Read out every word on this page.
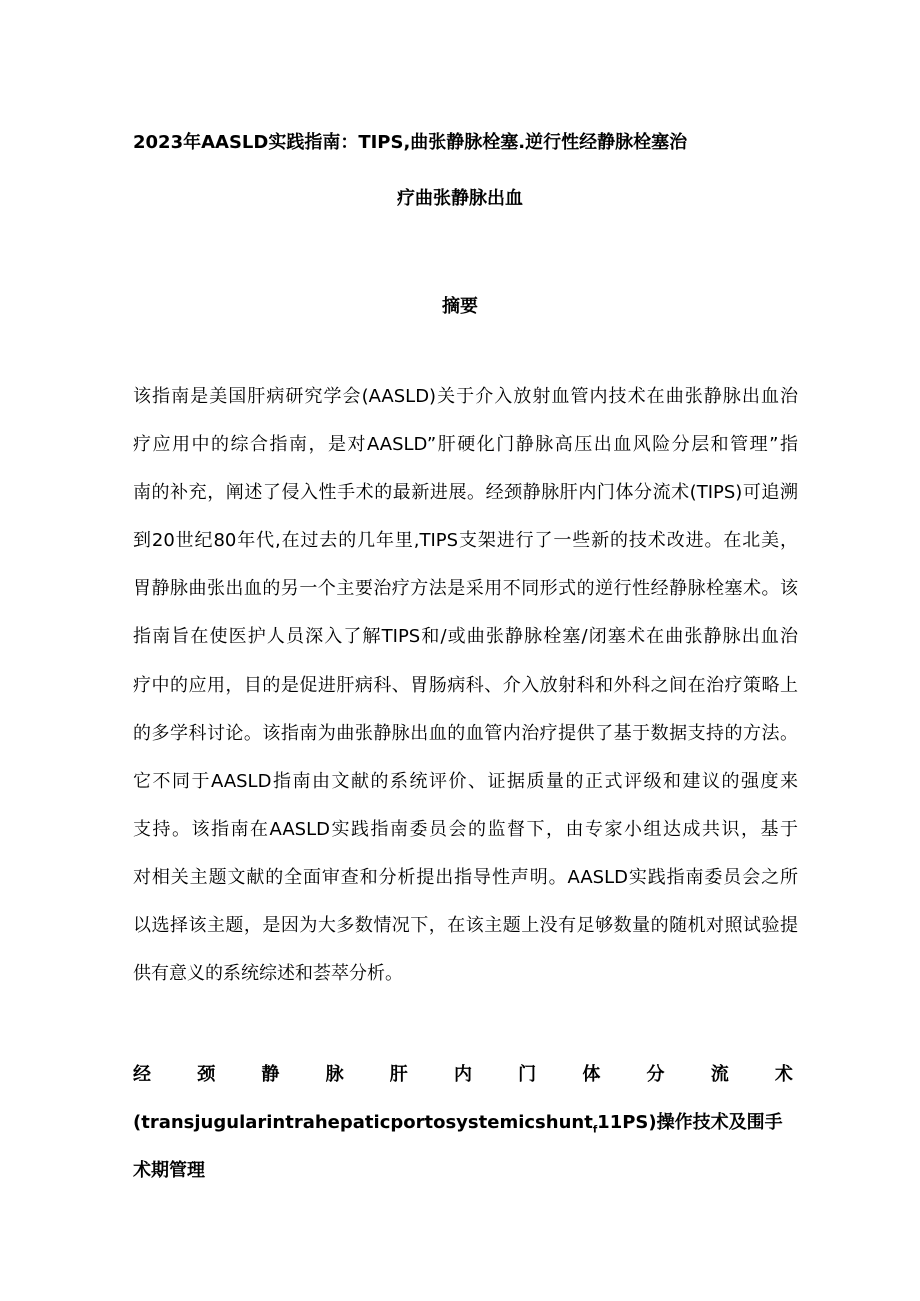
2023年AASLD实践指南：TIPS,曲张静脉栓塞.逆行性经静脉栓塞治
疗曲张静脉出血
摘要
该指南是美国肝病研究学会(AASLD)关于介入放射血管内技术在曲张静脉出血治
疗应用中的综合指南，是对AASLD”肝硬化门静脉高压出血风险分层和管理”指
南的补充，阐述了侵入性手术的最新进展。经颈静脉肝内门体分流术(TIPS)可追溯
到20世纪80年代,在过去的几年里,TIPS支架进行了一些新的技术改进。在北美，
胃静脉曲张出血的另一个主要治疗方法是采用不同形式的逆行性经静脉栓塞术。该
指南旨在使医护人员深入了解TIPS和/或曲张静脉栓塞/闭塞术在曲张静脉出血治
疗中的应用，目的是促进肝病科、胃肠病科、介入放射科和外科之间在治疗策略上
的多学科讨论。该指南为曲张静脉出血的血管内治疗提供了基于数据支持的方法。
它不同于AASLD指南由文献的系统评价、证据质量的正式评级和建议的强度来
支持。该指南在AASLD实践指南委员会的监督下，由专家小组达成共识，基于
对相关主题文献的全面审查和分析提出指导性声明。AASLD实践指南委员会之所
以选择该主题，是因为大多数情况下，在该主题上没有足够数量的随机对照试验提
供有意义的系统综述和荟萃分析。
经	颈	静	脉	肝	内	门	体	分	流	术
(transjugularintrahepaticportosystemicshunt$_f$11PS)操作技术及围手
术期管理
